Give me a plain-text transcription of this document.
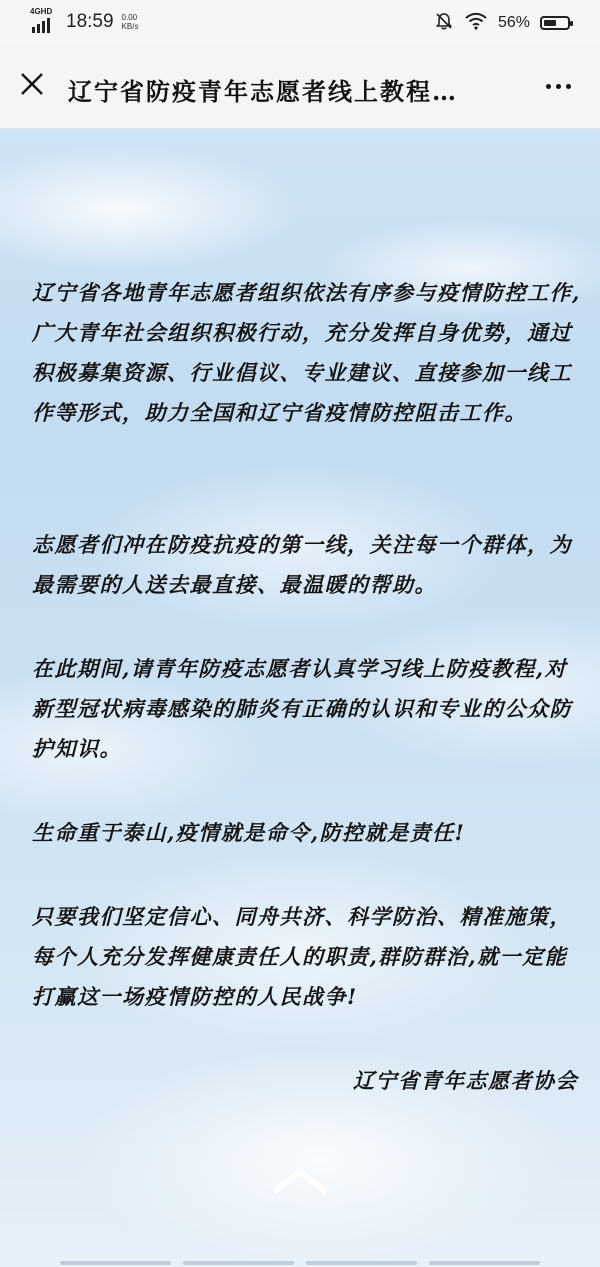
4GHD 18:59 0.00
KB/s	56%
辽宁省防疫青年志愿者线上教程…
辽宁省各地青年志愿者组织依法有序参与疫情防控工作,广大青年社会组织积极行动，充分发挥自身优势，通过积极募集资源、行业倡议、专业建议、直接参加一线工作等形式，助力全国和辽宁省疫情防控阻击工作。
志愿者们冲在防疫抗疫的第一线，关注每一个群体，为最需要的人送去最直接、最温暖的帮助。
在此期间,请青年防疫志愿者认真学习线上防疫教程,对新型冠状病毒感染的肺炎有正确的认识和专业的公众防护知识。
生命重于泰山,疫情就是命令,防控就是责任!
只要我们坚定信心、同舟共济、科学防治、精准施策，每个人充分发挥健康责任人的职责,群防群治,就一定能打赢这一场疫情防控的人民战争!
辽宁省青年志愿者协会
